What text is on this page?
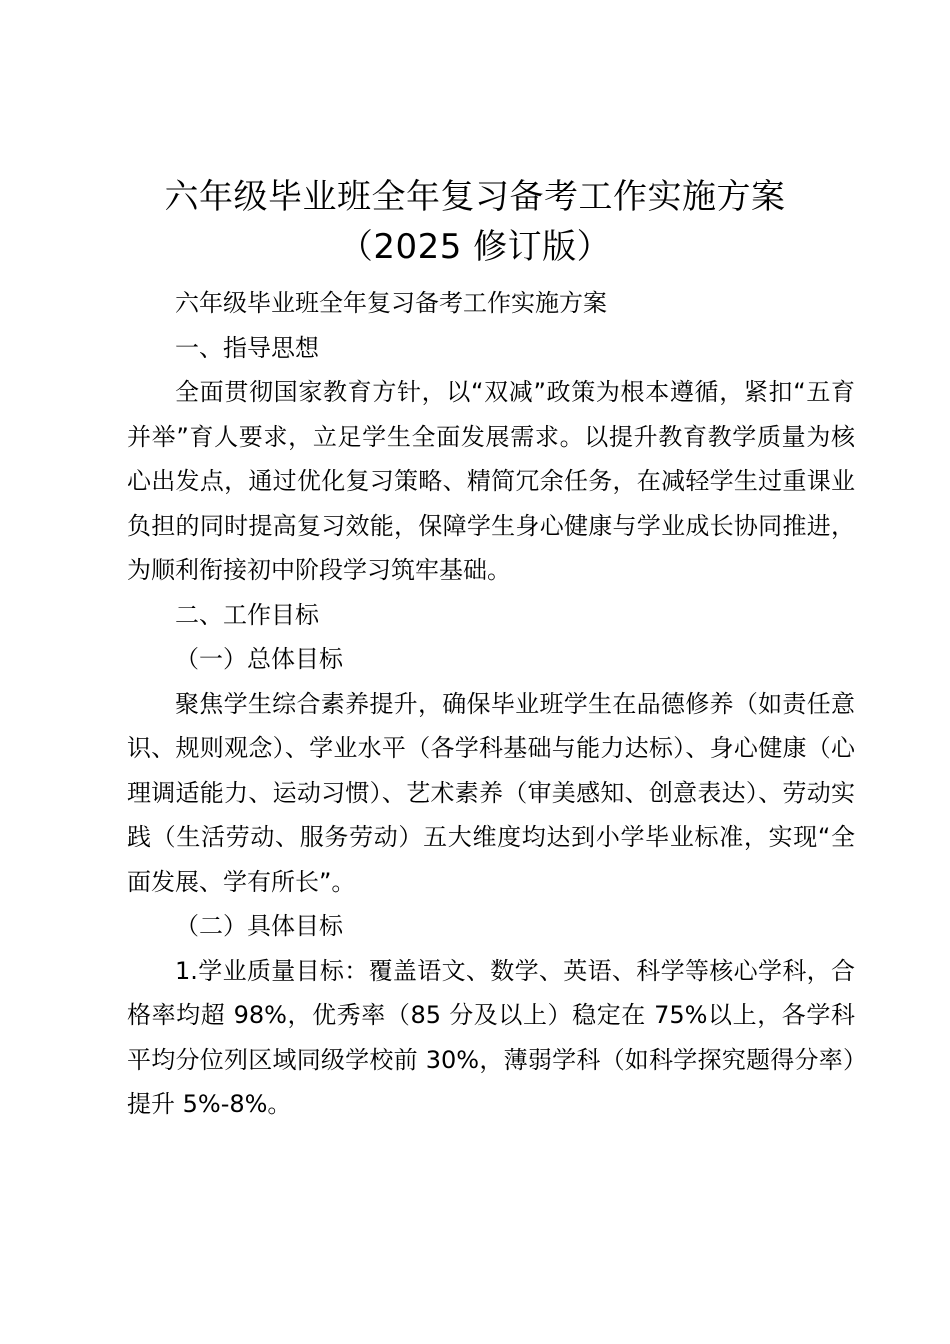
六年级毕业班全年复习备考工作实施方案
（2025 修订版）

六年级毕业班全年复习备考工作实施方案

一、指导思想

全面贯彻国家教育方针，以“双减”政策为根本遵循，紧扣“五育并举”育人要求，立足学生全面发展需求。以提升教育教学质量为核心出发点，通过优化复习策略、精简冗余任务，在减轻学生过重课业负担的同时提高复习效能，保障学生身心健康与学业成长协同推进，为顺利衔接初中阶段学习筑牢基础。

二、工作目标

（一）总体目标

聚焦学生综合素养提升，确保毕业班学生在品德修养（如责任意识、规则观念）、学业水平（各学科基础与能力达标）、身心健康（心理调适能力、运动习惯）、艺术素养（审美感知、创意表达）、劳动实践（生活劳动、服务劳动）五大维度均达到小学毕业标准，实现“全面发展、学有所长”。

（二）具体目标

1.学业质量目标：覆盖语文、数学、英语、科学等核心学科，合格率均超 98%，优秀率（85 分及以上）稳定在 75%以上，各学科平均分位列区域同级学校前 30%，薄弱学科（如科学探究题得分率）提升 5%-8%。
